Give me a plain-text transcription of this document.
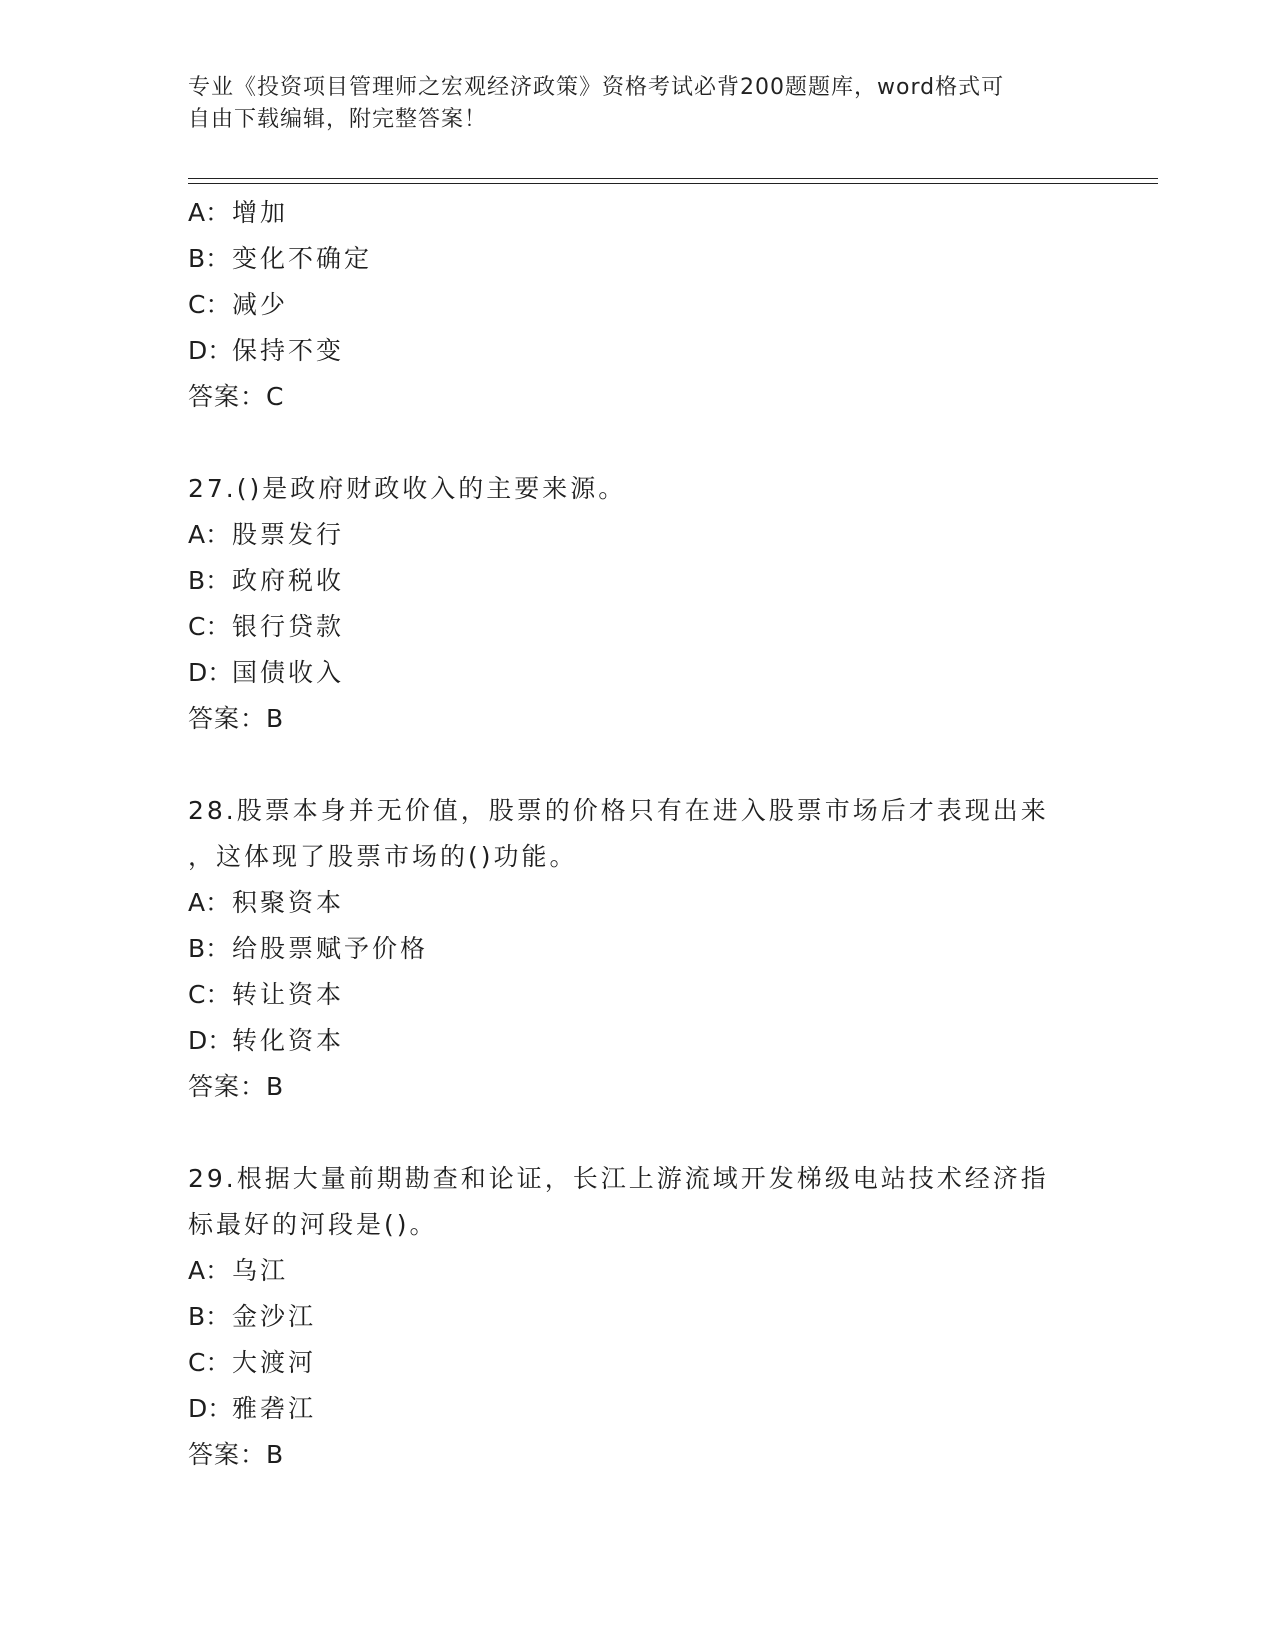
专业《投资项目管理师之宏观经济政策》资格考试必背200题题库，word格式可
自由下载编辑，附完整答案！
A：增加
B：变化不确定
C：减少
D：保持不变
答案：C
27.()是政府财政收入的主要来源。
A：股票发行
B：政府税收
C：银行贷款
D：国债收入
答案：B
28.股票本身并无价值，股票的价格只有在进入股票市场后才表现出来
，这体现了股票市场的()功能。
A：积聚资本
B：给股票赋予价格
C：转让资本
D：转化资本
答案：B
29.根据大量前期勘查和论证，长江上游流域开发梯级电站技术经济指
标最好的河段是()。
A：乌江
B：金沙江
C：大渡河
D：雅砻江
答案：B
